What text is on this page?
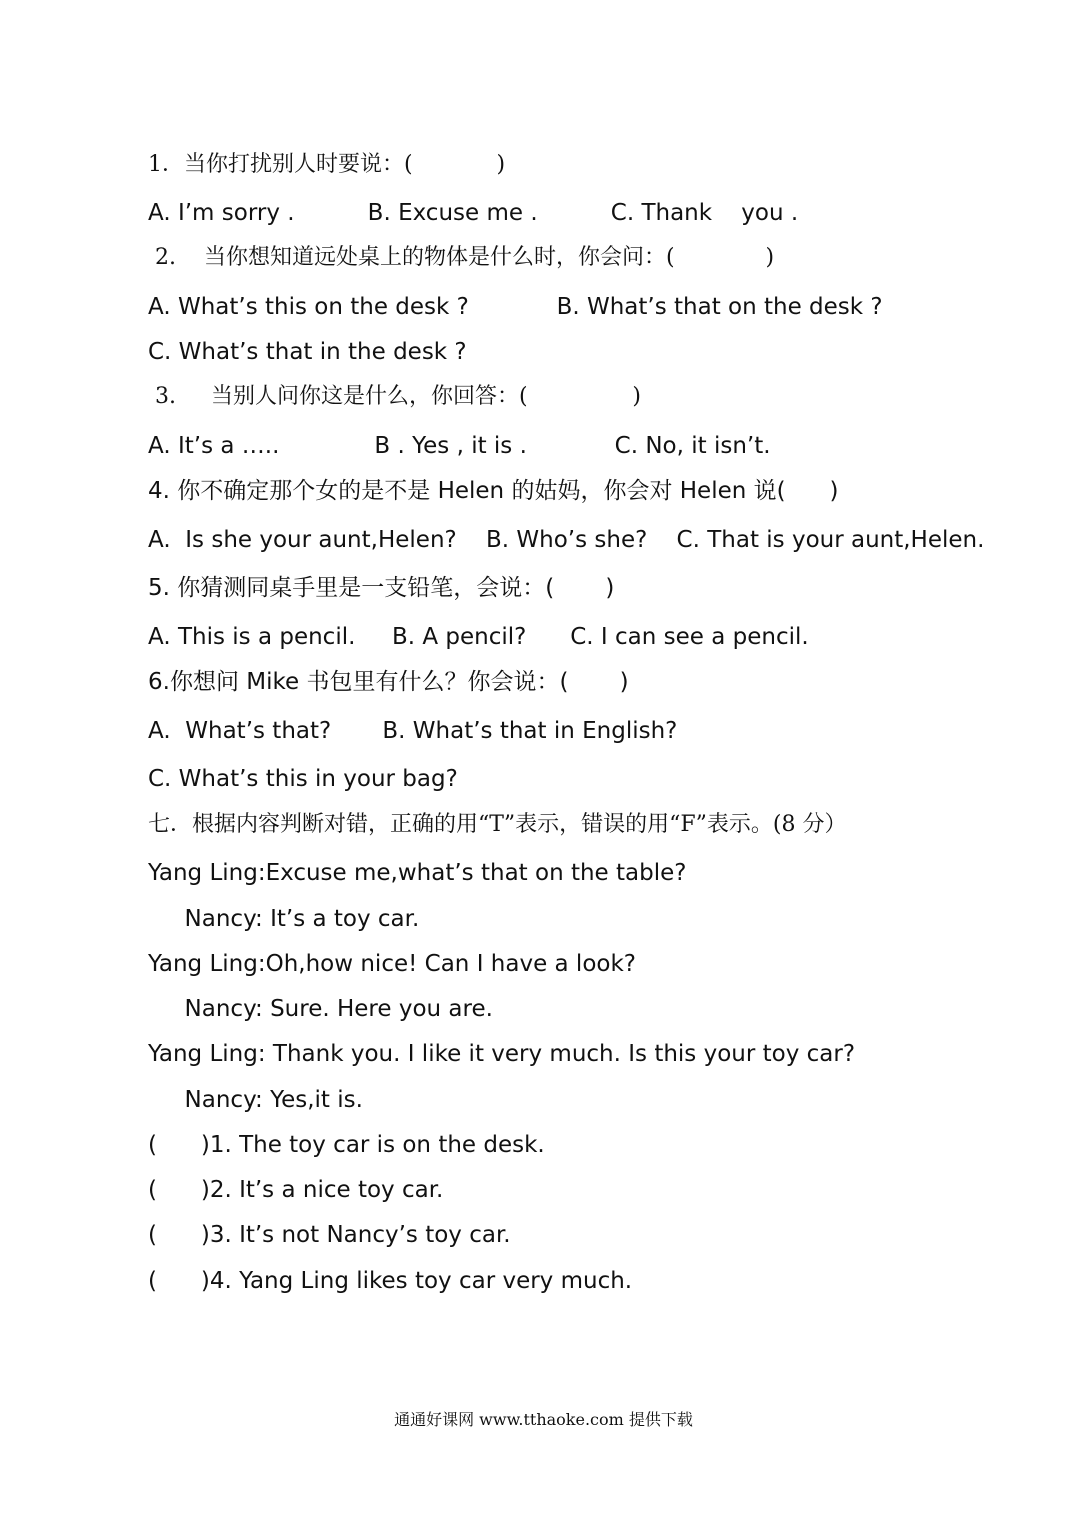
1．当你打扰别人时要说：(            )
A. I’m sorry .          B. Excuse me .          C. Thank    you .
2.    当你想知道远处桌上的物体是什么时，你会问：(             )
A. What’s this on the desk ?            B. What’s that on the desk ?
C. What’s that in the desk ?
3.     当别人问你这是什么，你回答：(               )
A. It’s a …..             B . Yes , it is .            C. No, it isn’t.
4. 你不确定那个女的是不是 Helen 的姑妈，你会对 Helen 说(      )
A.  Is she your aunt,Helen?    B. Who’s she?    C. That is your aunt,Helen.
5. 你猜测同桌手里是一支铅笔，会说：(       )
A. This is a pencil.     B. A pencil?      C. I can see a pencil.
6.你想问 Mike 书包里有什么？你会说：(       )
A.  What’s that?       B. What’s that in English?
C. What’s this in your bag?
七．根据内容判断对错，正确的用“T”表示，错误的用“F”表示。(8 分）
Yang Ling:Excuse me,what’s that on the table?
Nancy: It’s a toy car.
Yang Ling:Oh,how nice! Can I have a look?
Nancy: Sure. Here you are.
Yang Ling: Thank you. I like it very much. Is this your toy car?
Nancy: Yes,it is.
(      )1. The toy car is on the desk.
(      )2. It’s a nice toy car.
(      )3. It’s not Nancy’s toy car.
(      )4. Yang Ling likes toy car very much.
通通好课网 www.tthaoke.com 提供下载
